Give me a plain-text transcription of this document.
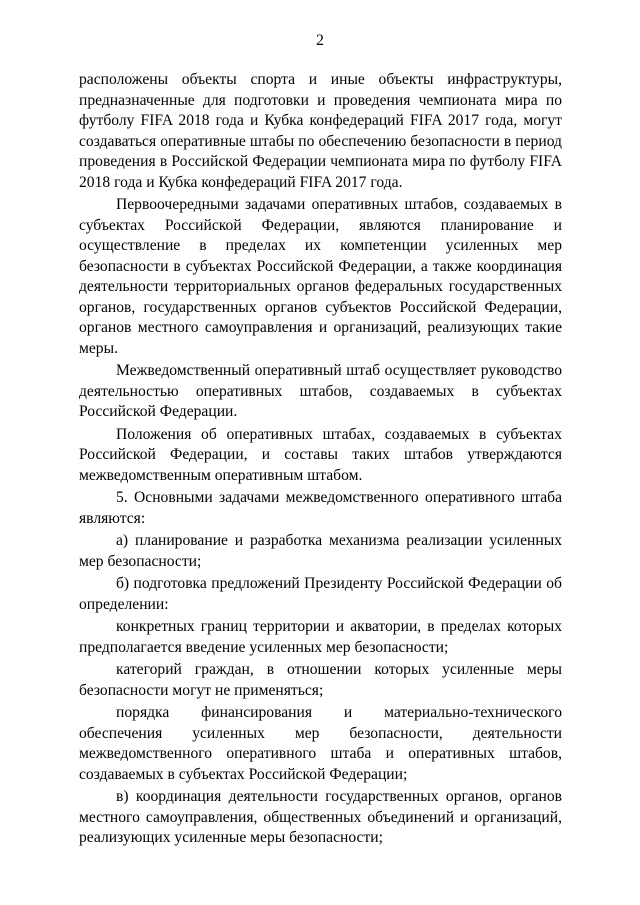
2

расположены объекты спорта и иные объекты инфраструктуры, предназначенные для подготовки и проведения чемпионата мира по футболу FIFA 2018 года и Кубка конфедераций FIFA 2017 года, могут создаваться оперативные штабы по обеспечению безопасности в период проведения в Российской Федерации чемпионата мира по футболу FIFA 2018 года и Кубка конфедераций FIFA 2017 года.

Первоочередными задачами оперативных штабов, создаваемых в субъектах Российской Федерации, являются планирование и осуществление в пределах их компетенции усиленных мер безопасности в субъектах Российской Федерации, а также координация деятельности территориальных органов федеральных государственных органов, государственных органов субъектов Российской Федерации, органов местного самоуправления и организаций, реализующих такие меры.

Межведомственный оперативный штаб осуществляет руководство деятельностью оперативных штабов, создаваемых в субъектах Российской Федерации.

Положения об оперативных штабах, создаваемых в субъектах Российской Федерации, и составы таких штабов утверждаются межведомственным оперативным штабом.

5. Основными задачами межведомственного оперативного штаба являются:

а) планирование и разработка механизма реализации усиленных мер безопасности;

б) подготовка предложений Президенту Российской Федерации об определении:

конкретных границ территории и акватории, в пределах которых предполагается введение усиленных мер безопасности;

категорий граждан, в отношении которых усиленные меры безопасности могут не применяться;

порядка финансирования и материально-технического обеспечения усиленных мер безопасности, деятельности межведомственного оперативного штаба и оперативных штабов, создаваемых в субъектах Российской Федерации;

в) координация деятельности государственных органов, органов местного самоуправления, общественных объединений и организаций, реализующих усиленные меры безопасности;
